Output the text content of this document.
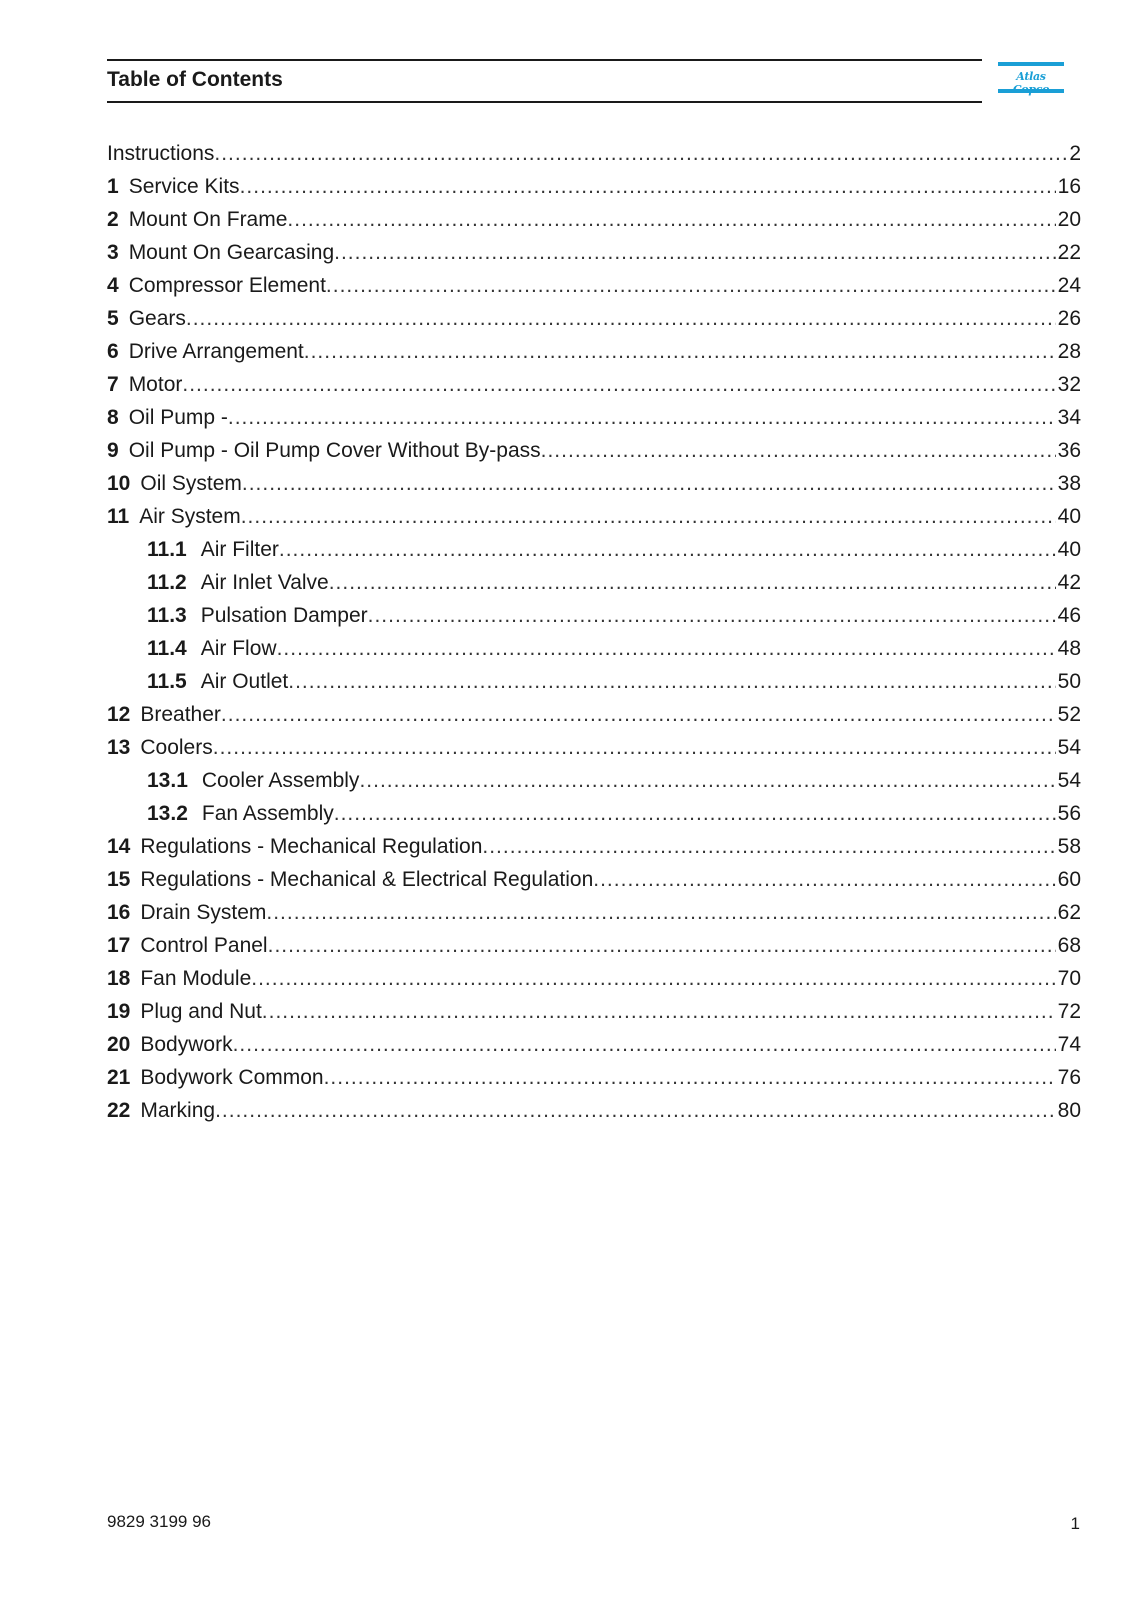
Table of Contents	Atlas
Instructions .....	2
1 Service Kits .....	16
2 Mount On Frame .....	20
3 Mount On Gearcasing .....	22
4 Compressor Element .....	24
5 Gears .....	26
6 Drive Arrangement .....	28
7 Motor .....	32
8 Oil Pump - .....	34
9 Oil Pump - Oil Pump Cover Without By-pass .....	36
10 Oil System .....	38
11 Air System .....	40
11.1 Air Filter .....	40
11.2 Air Inlet Valve .....	42
11.3 Pulsation Damper .....	46
11.4 Air Flow .....	48
11.5 Air Outlet .....	50
12 Breather .....	52
13 Coolers .....	54
13.1 Cooler Assembly .....	54
13.2 Fan Assembly .....	56
14 Regulations - Mechanical Regulation .....	58
15 Regulations - Mechanical & Electrical Regulation .....	60
16 Drain System .....	62
17 Control Panel .....	68
18 Fan Module .....	70
19 Plug and Nut .....	72
20 Bodywork .....	74
21 Bodywork Common .....	76
22 Marking .....	80
9829 3199 96	1
